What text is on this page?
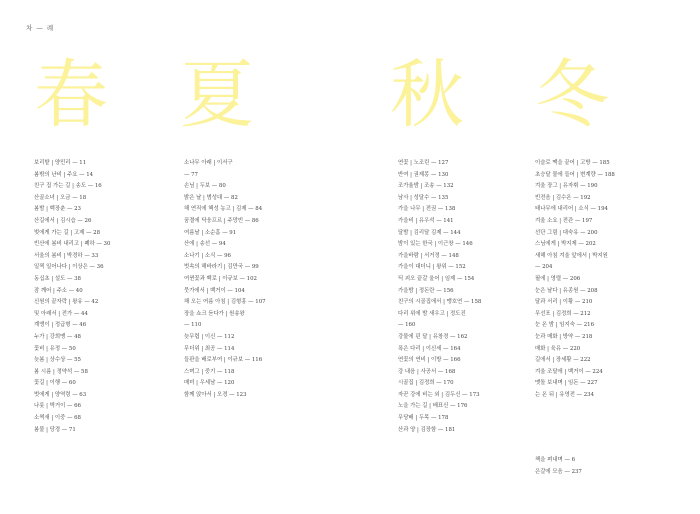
차 — 례
春 夏 秋 冬
보리밭 | 양민리 — 11
봄밖의 난비 | 주요 — 14
친구 집 가는 길 | 송도 — 16
산골소녀 | 오금 — 18
봄밤 | 백장춘 — 23
산길에서 | 김시습 — 26
벚에게 가는 길 | 고제 — 28
빈산에 봄비 내리고 | 폐하 — 30
서울의 봄비 | 박경하 — 33
일찍 일어나다 | 이상은 — 36
동십초 | 설도 — 38
잠 깨어 | 주소 — 40
신원의 끝자락 | 왕유 — 42
및 아래서 | 전가 — 44
계앵이 | 정급형 — 46
누가 | 강희맹 — 48
꽃비 | 유정 — 50
늦봄 | 상수상 — 55
봄 시름 | 정약석 — 58
꽃길 | 이행 — 60
벗에게 | 양역령 — 63
나룻 | 박거이 — 66
소쩍새 | 이중 — 68
봄물 | 당경 — 71
소나무 아래 | 이서구
— 77
손님 | 두보 — 80
밝은 날 | 범성대 — 82
해 연직에 핵성 농고 | 김제 — 84
꿈결에 닥웅프르 | 주망빈 — 86
여름날 | 소순흠 — 91
산에 | 송선 — 94
소나기 | 소식 — 96
벗속의 해바라기 | 김만국 — 99
여뀐꽃과 백로 | 이규보 — 102
뭇가에서 | 백거이 — 104
해 오는 여름 아침 | 김형흥 — 107
장을 쇼크 듣다가 | 원송왕
— 110
늦무렵 | 이신 — 112
무더위 | 최공 — 114
들판을 배로부여 | 이규보 — 116
스며그 | 중기 — 118
매미 | 우세남 — 120
함께 앉아서 | 오경 — 123
연꽃 | 노조린 — 127
반여 | 권제몽 — 130
조가율밤 | 조송 — 132
남사 | 성달수 — 135
가을 나무 | 전권 — 138
가을비 | 유우석 — 141
달밤 | 김리달 김제 — 144
밤이 있는 한국 | 이근창 — 146
가을바람 | 서거정 — 148
가을이 대더니 | 왕위 — 152
딕 괴오 끝갈 울어 | 임제 — 154
가을밤 | 정돈란 — 156
친구의 시골집에서 | 맹호연 — 158
다리 위에 밤 새우고 | 정도진
— 160
강물에 핀 달 | 유창경 — 162
폭은 다리 | 이신세 — 164
연꽃의 연비 | 이방 — 166
강 내음 | 사공서 — 168
시골집 | 김정희 — 170
자꾼 강에 비는 외 | 김두신 — 173
노을 가는 길 | 배표신 — 176
무당배 | 두목 — 178
산과 양 | 김장함 — 181
이슬로 맥을 끝어 | 고방 — 185
초승달 물에 들어 | 변계량 — 188
겨울 장그 | 유자휘 — 190
빈전음 | 김수온 — 192
태나무에 내리어 | 소식 — 194
겨울 소요 | 전관 — 197
선단 그림 | 대숙유 — 200
스님에게 | 박지제 — 202
새해 아침 겨울 앞에서 | 박지원
— 204
필에 | 영렬 — 206
눈은 날다 | 유종원 — 208
달과 서리 | 이황 — 210
무선포 | 김정희 — 212
눈 온 밤 | 임지숙 — 216
눈과 매화 | 방약 — 218
매화 | 육유 — 220
길에서 | 장세황 — 222
겨울 조달에 | 백거이 — 224
맷돌 보내며 | 임돈 — 227
는 온 뒤 | 유영전 — 234
책을 펴내며 — 6
은갈에 모음 — 237
